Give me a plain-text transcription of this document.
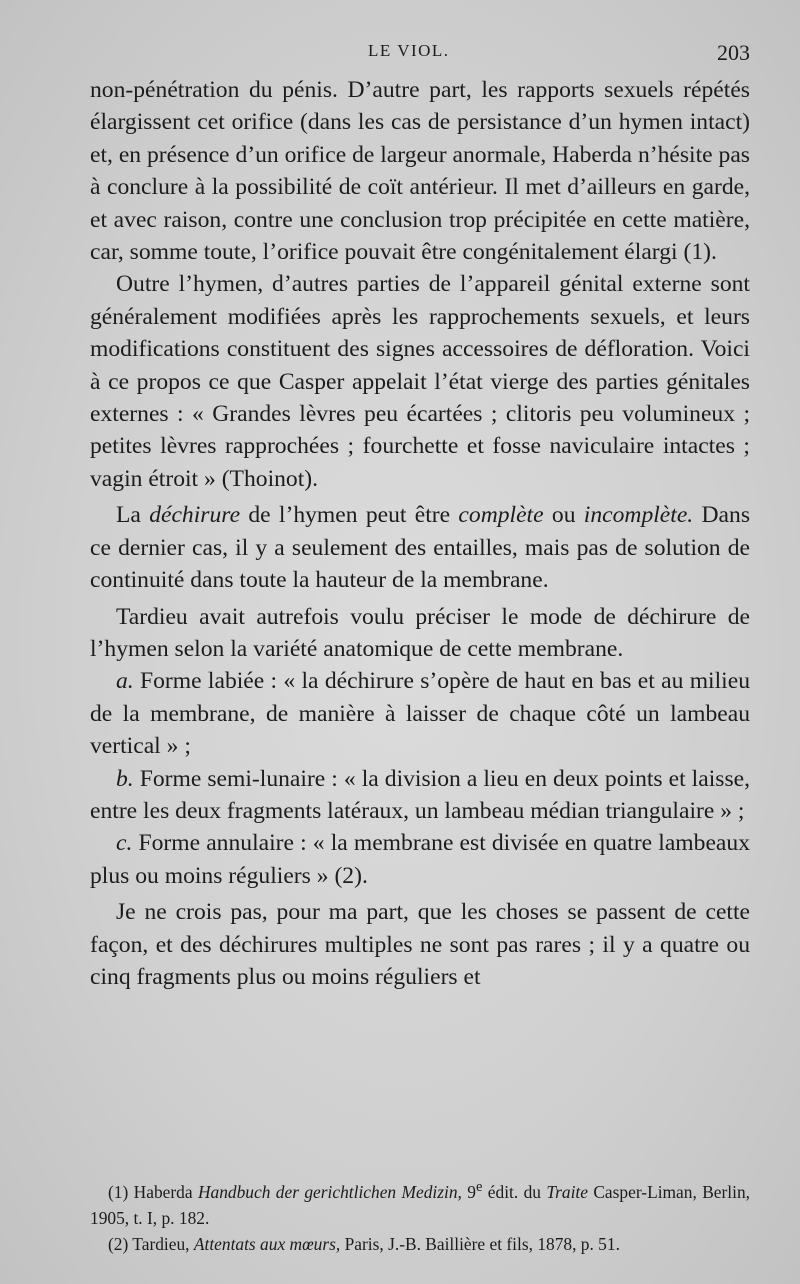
LE VIOL.	203

non-pénétration du pénis. D’autre part, les rapports sexuels répétés élargissent cet orifice (dans les cas de persistance d’un hymen intact) et, en présence d’un orifice de largeur anormale, Haberda n’hésite pas à conclure à la possibilité de coït antérieur. Il met d’ailleurs en garde, et avec raison, contre une conclusion trop précipitée en cette matière, car, somme toute, l’orifice pouvait être congénitalement élargi (1).

Outre l’hymen, d’autres parties de l’appareil génital externe sont généralement modifiées après les rapprochements sexuels, et leurs modifications constituent des signes accessoires de défloration. Voici à ce propos ce que Casper appelait l’état vierge des parties génitales externes : « Grandes lèvres peu écartées ; clitoris peu volumineux ; petites lèvres rapprochées ; fourchette et fosse naviculaire intactes ; vagin étroit » (Thoinot).

La déchirure de l’hymen peut être complète ou incomplète. Dans ce dernier cas, il y a seulement des entailles, mais pas de solution de continuité dans toute la hauteur de la membrane.

Tardieu avait autrefois voulu préciser le mode de déchirure de l’hymen selon la variété anatomique de cette membrane.

a. Forme labiée : « la déchirure s’opère de haut en bas et au milieu de la membrane, de manière à laisser de chaque côté un lambeau vertical » ;

b. Forme semi-lunaire : « la division a lieu en deux points et laisse, entre les deux fragments latéraux, un lambeau médian triangulaire » ;

c. Forme annulaire : « la membrane est divisée en quatre lambeaux plus ou moins réguliers » (2).

Je ne crois pas, pour ma part, que les choses se passent de cette façon, et des déchirures multiples ne sont pas rares ; il y a quatre ou cinq fragments plus ou moins réguliers et

(1) Haberda Handbuch der gerichtlichen Medizin, 9e édit. du Traite Casper-Liman, Berlin, 1905, t. I, p. 182.

(2) Tardieu, Attentats aux mœurs, Paris, J.-B. Baillière et fils, 1878, p. 51.
